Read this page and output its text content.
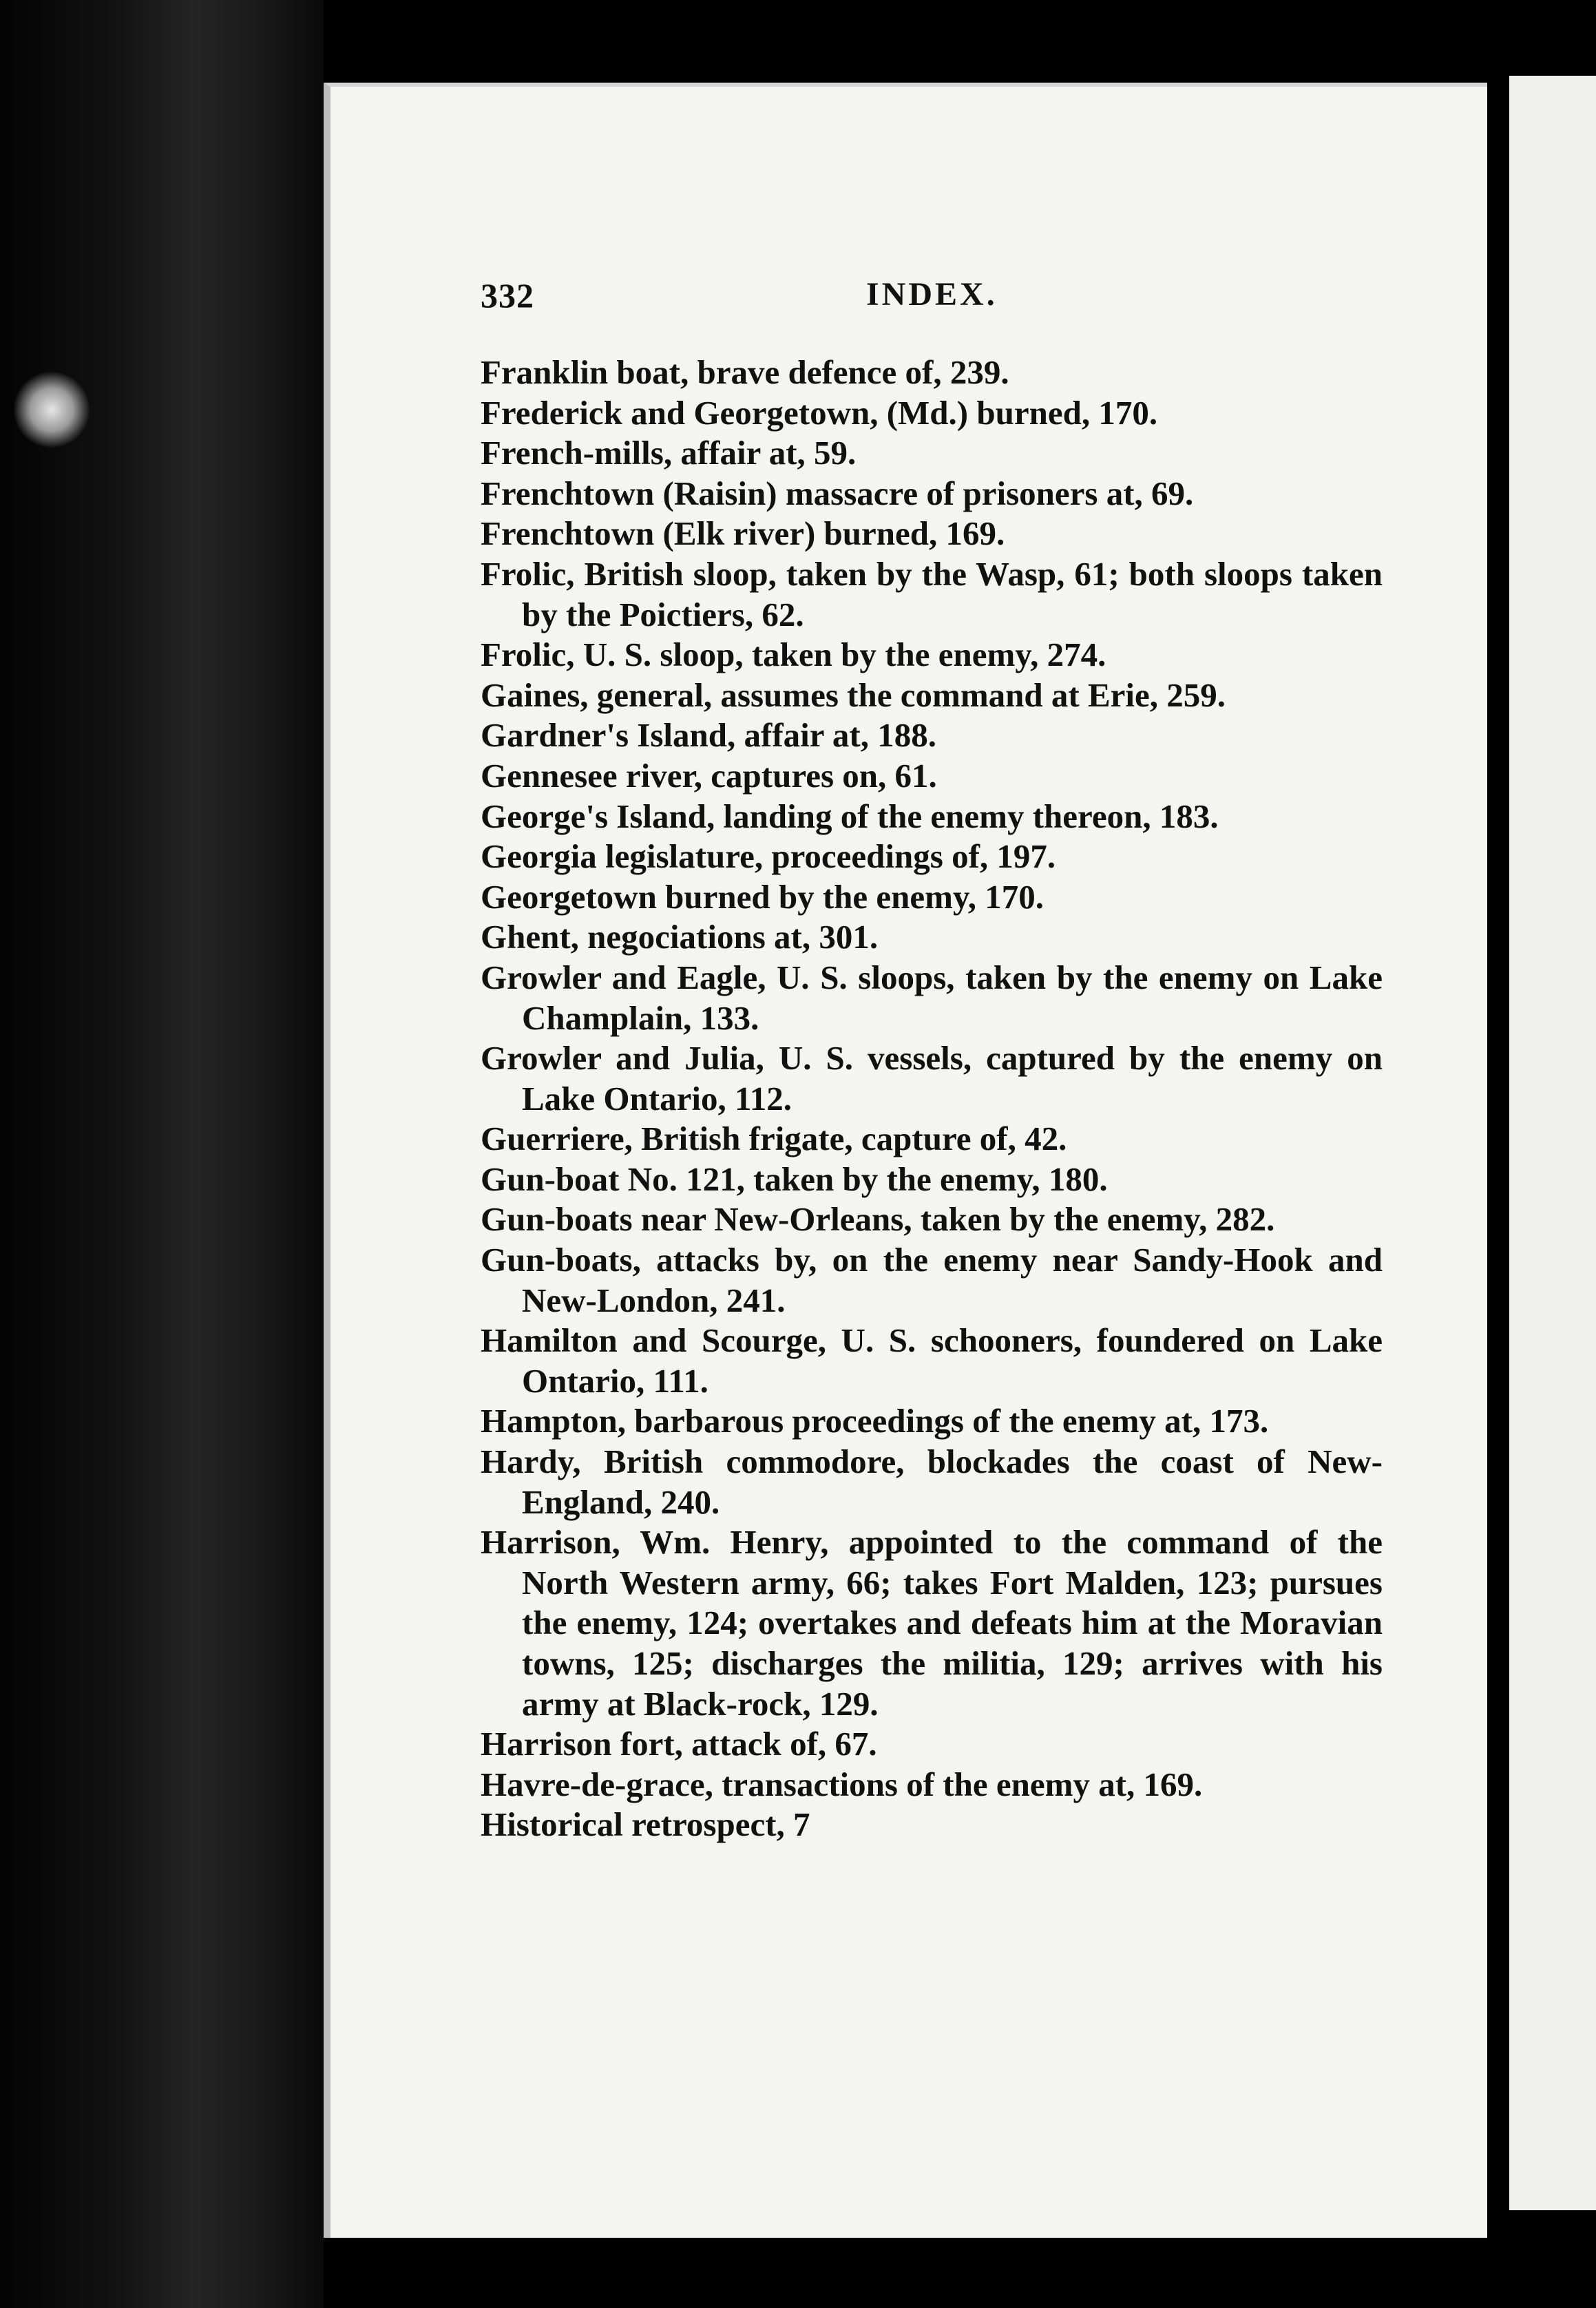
332	INDEX.
Franklin boat, brave defence of, 239.
Frederick and Georgetown, (Md.) burned, 170.
French-mills, affair at, 59.
Frenchtown (Raisin) massacre of prisoners at, 69.
Frenchtown (Elk river) burned, 169.
Frolic, British sloop, taken by the Wasp, 61; both sloops taken by the Poictiers, 62.
Frolic, U. S. sloop, taken by the enemy, 274.
Gaines, general, assumes the command at Erie, 259.
Gardner's Island, affair at, 188.
Gennesee river, captures on, 61.
George's Island, landing of the enemy thereon, 183.
Georgia legislature, proceedings of, 197.
Georgetown burned by the enemy, 170.
Ghent, negociations at, 301.
Growler and Eagle, U. S. sloops, taken by the enemy on Lake Champlain, 133.
Growler and Julia, U. S. vessels, captured by the enemy on Lake Ontario, 112.
Guerriere, British frigate, capture of, 42.
Gun-boat No. 121, taken by the enemy, 180.
Gun-boats near New-Orleans, taken by the enemy, 282.
Gun-boats, attacks by, on the enemy near Sandy-Hook and New-London, 241.
Hamilton and Scourge, U. S. schooners, foundered on Lake Ontario, 111.
Hampton, barbarous proceedings of the enemy at, 173.
Hardy, British commodore, blockades the coast of New-England, 240.
Harrison, Wm. Henry, appointed to the command of the North Western army, 66; takes Fort Malden, 123; pursues the enemy, 124; overtakes and defeats him at the Moravian towns, 125; discharges the militia, 129; arrives with his army at Black-rock, 129.
Harrison fort, attack of, 67.
Havre-de-grace, transactions of the enemy at, 169.
Historical retrospect, 7
